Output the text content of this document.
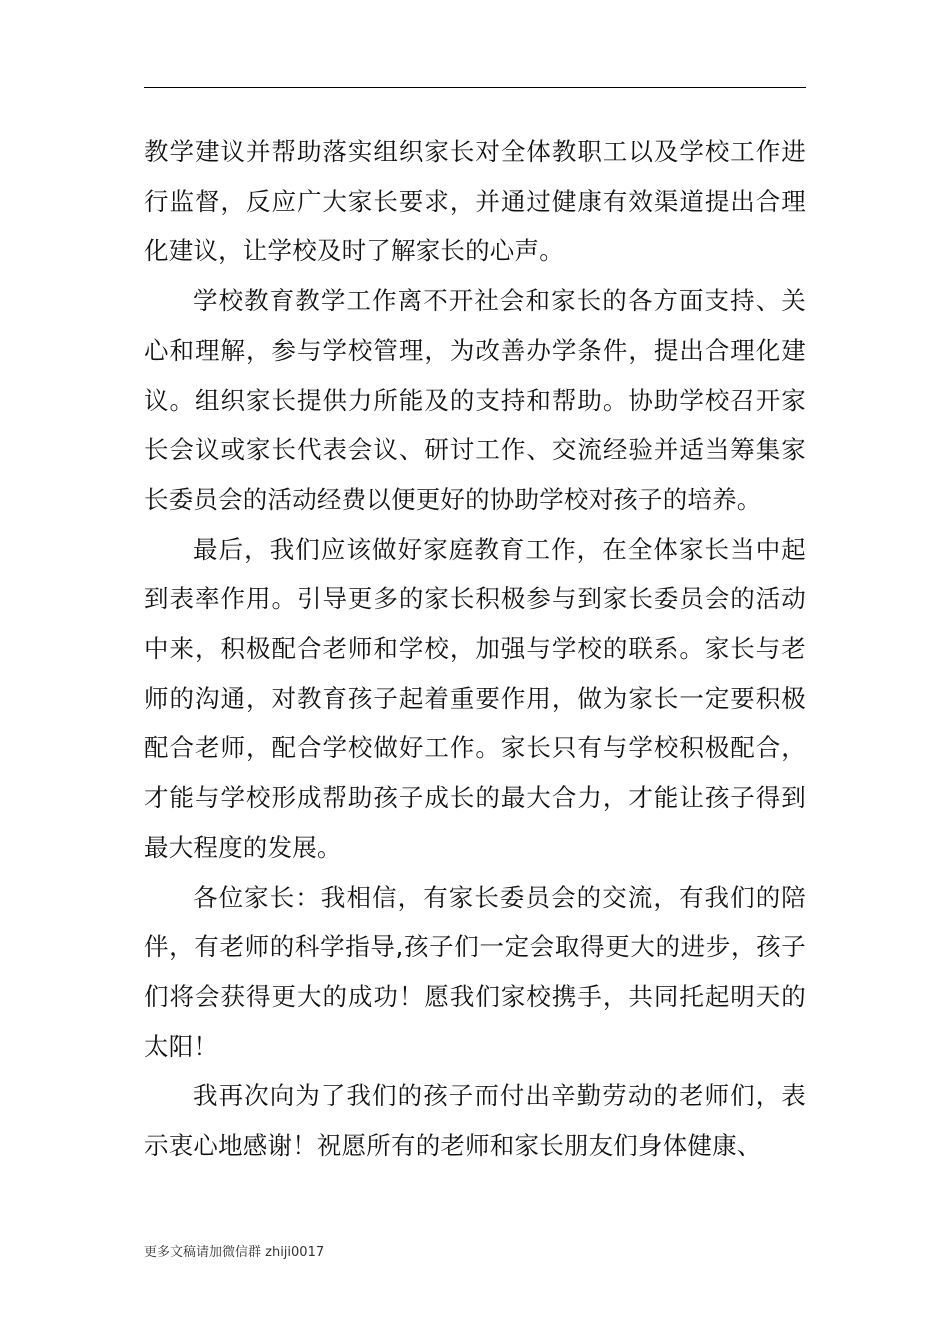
教学建议并帮助落实组织家长对全体教职工以及学校工作进行监督，反应广大家长要求，并通过健康有效渠道提出合理化建议，让学校及时了解家长的心声。

学校教育教学工作离不开社会和家长的各方面支持、关心和理解，参与学校管理，为改善办学条件，提出合理化建议。组织家长提供力所能及的支持和帮助。协助学校召开家长会议或家长代表会议、研讨工作、交流经验并适当筹集家长委员会的活动经费以便更好的协助学校对孩子的培养。

最后，我们应该做好家庭教育工作，在全体家长当中起到表率作用。引导更多的家长积极参与到家长委员会的活动中来，积极配合老师和学校，加强与学校的联系。家长与老师的沟通，对教育孩子起着重要作用，做为家长一定要积极配合老师，配合学校做好工作。家长只有与学校积极配合，才能与学校形成帮助孩子成长的最大合力，才能让孩子得到最大程度的发展。

各位家长：我相信，有家长委员会的交流，有我们的陪伴，有老师的科学指导,孩子们一定会取得更大的进步，孩子们将会获得更大的成功！愿我们家校携手，共同托起明天的太阳！

我再次向为了我们的孩子而付出辛勤劳动的老师们，表示衷心地感谢！祝愿所有的老师和家长朋友们身体健康、

更多文稿请加微信群 zhiji0017
